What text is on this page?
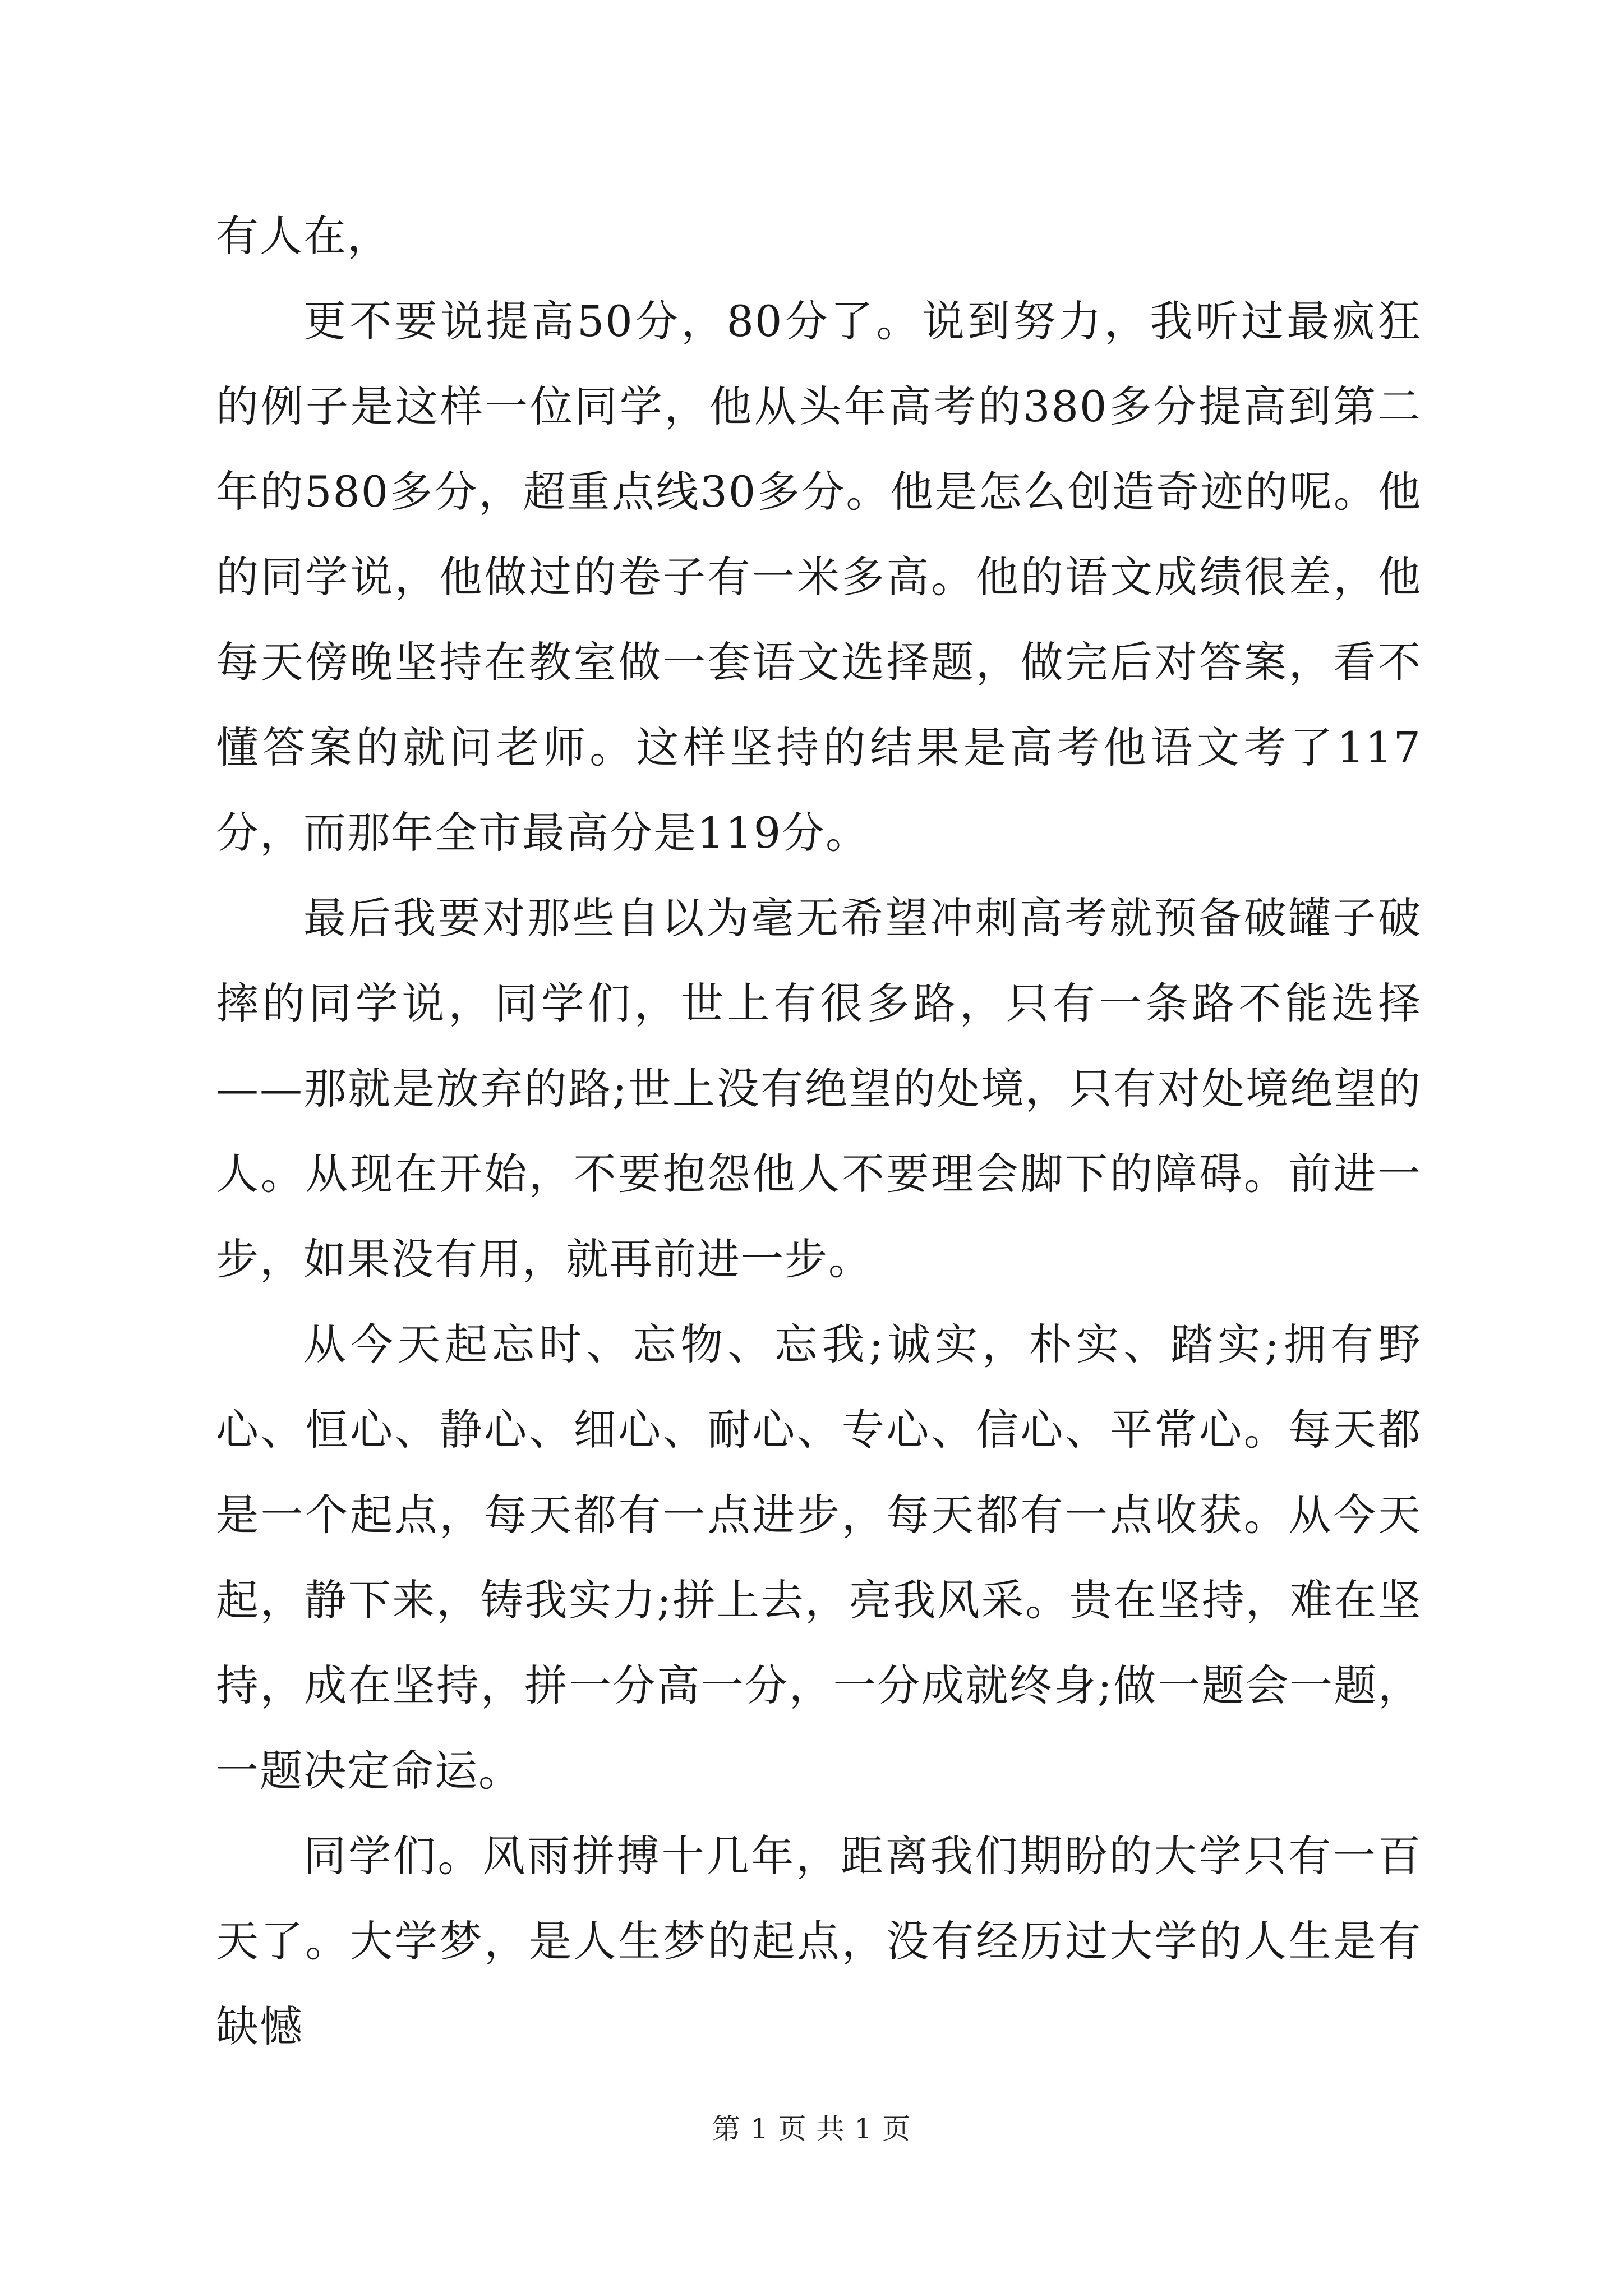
有人在，

更不要说提高50分，80分了。说到努力，我听过最疯狂的例子是这样一位同学，他从头年高考的380多分提高到第二年的580多分，超重点线30多分。他是怎么创造奇迹的呢。他的同学说，他做过的卷子有一米多高。他的语文成绩很差，他每天傍晚坚持在教室做一套语文选择题，做完后对答案，看不懂答案的就问老师。这样坚持的结果是高考他语文考了117分，而那年全市最高分是119分。

最后我要对那些自以为毫无希望冲刺高考就预备破罐子破摔的同学说，同学们，世上有很多路，只有一条路不能选择——那就是放弃的路;世上没有绝望的处境，只有对处境绝望的人。从现在开始，不要抱怨他人不要理会脚下的障碍。前进一步，如果没有用，就再前进一步。

从今天起忘时、忘物、忘我;诚实，朴实、踏实;拥有野心、恒心、静心、细心、耐心、专心、信心、平常心。每天都是一个起点，每天都有一点进步，每天都有一点收获。从今天起，静下来，铸我实力;拼上去，亮我风采。贵在坚持，难在坚持，成在坚持，拼一分高一分，一分成就终身;做一题会一题，一题决定命运。

同学们。风雨拼搏十几年，距离我们期盼的大学只有一百天了。大学梦，是人生梦的起点，没有经历过大学的人生是有缺憾

第 1 页 共 1 页
